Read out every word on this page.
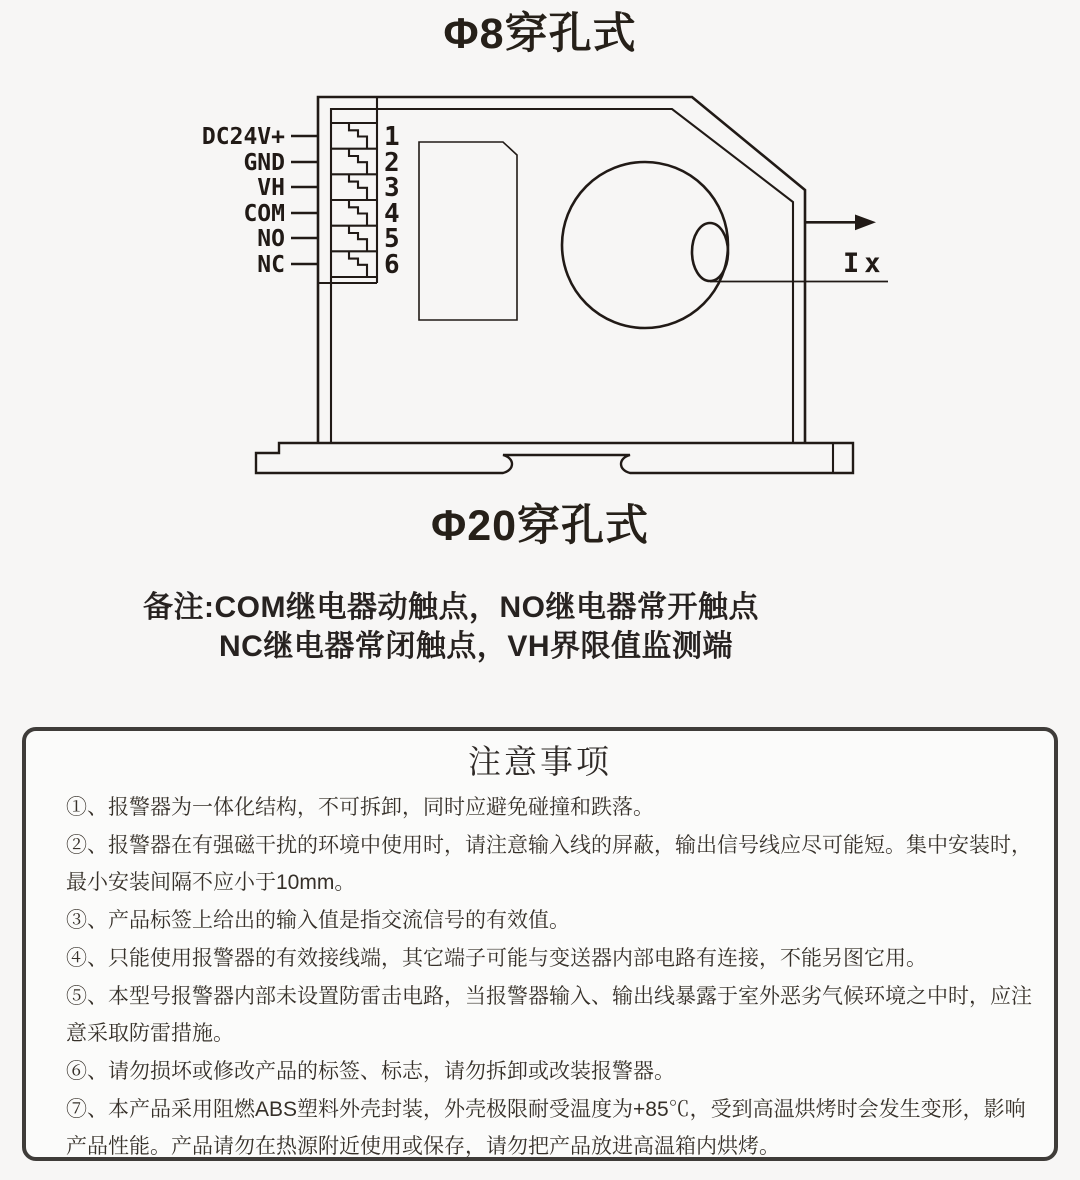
Φ8穿孔式
DC24V+
GND
VH
COM
NO
NC
1
2
3
4
5
6	Ix
Φ20穿孔式
备注:COM继电器动触点，NO继电器常开触点
NC继电器常闭触点，VH界限值监测端
注意事项

①、报警器为一体化结构，不可拆卸，同时应避免碰撞和跌落。

②、报警器在有强磁干扰的环境中使用时，请注意输入线的屏蔽，输出信号线应尽可能短。集中安装时，最小安装间隔不应小于10mm。

③、产品标签上给出的输入值是指交流信号的有效值。

④、只能使用报警器的有效接线端，其它端子可能与变送器内部电路有连接，不能另图它用。

⑤、本型号报警器内部未设置防雷击电路，当报警器输入、输出线暴露于室外恶劣气候环境之中时，应注意采取防雷措施。

⑥、请勿损坏或修改产品的标签、标志，请勿拆卸或改装报警器。

⑦、本产品采用阻燃ABS塑料外壳封装，外壳极限耐受温度为+85℃，受到高温烘烤时会发生变形，影响产品性能。产品请勿在热源附近使用或保存，请勿把产品放进高温箱内烘烤。
